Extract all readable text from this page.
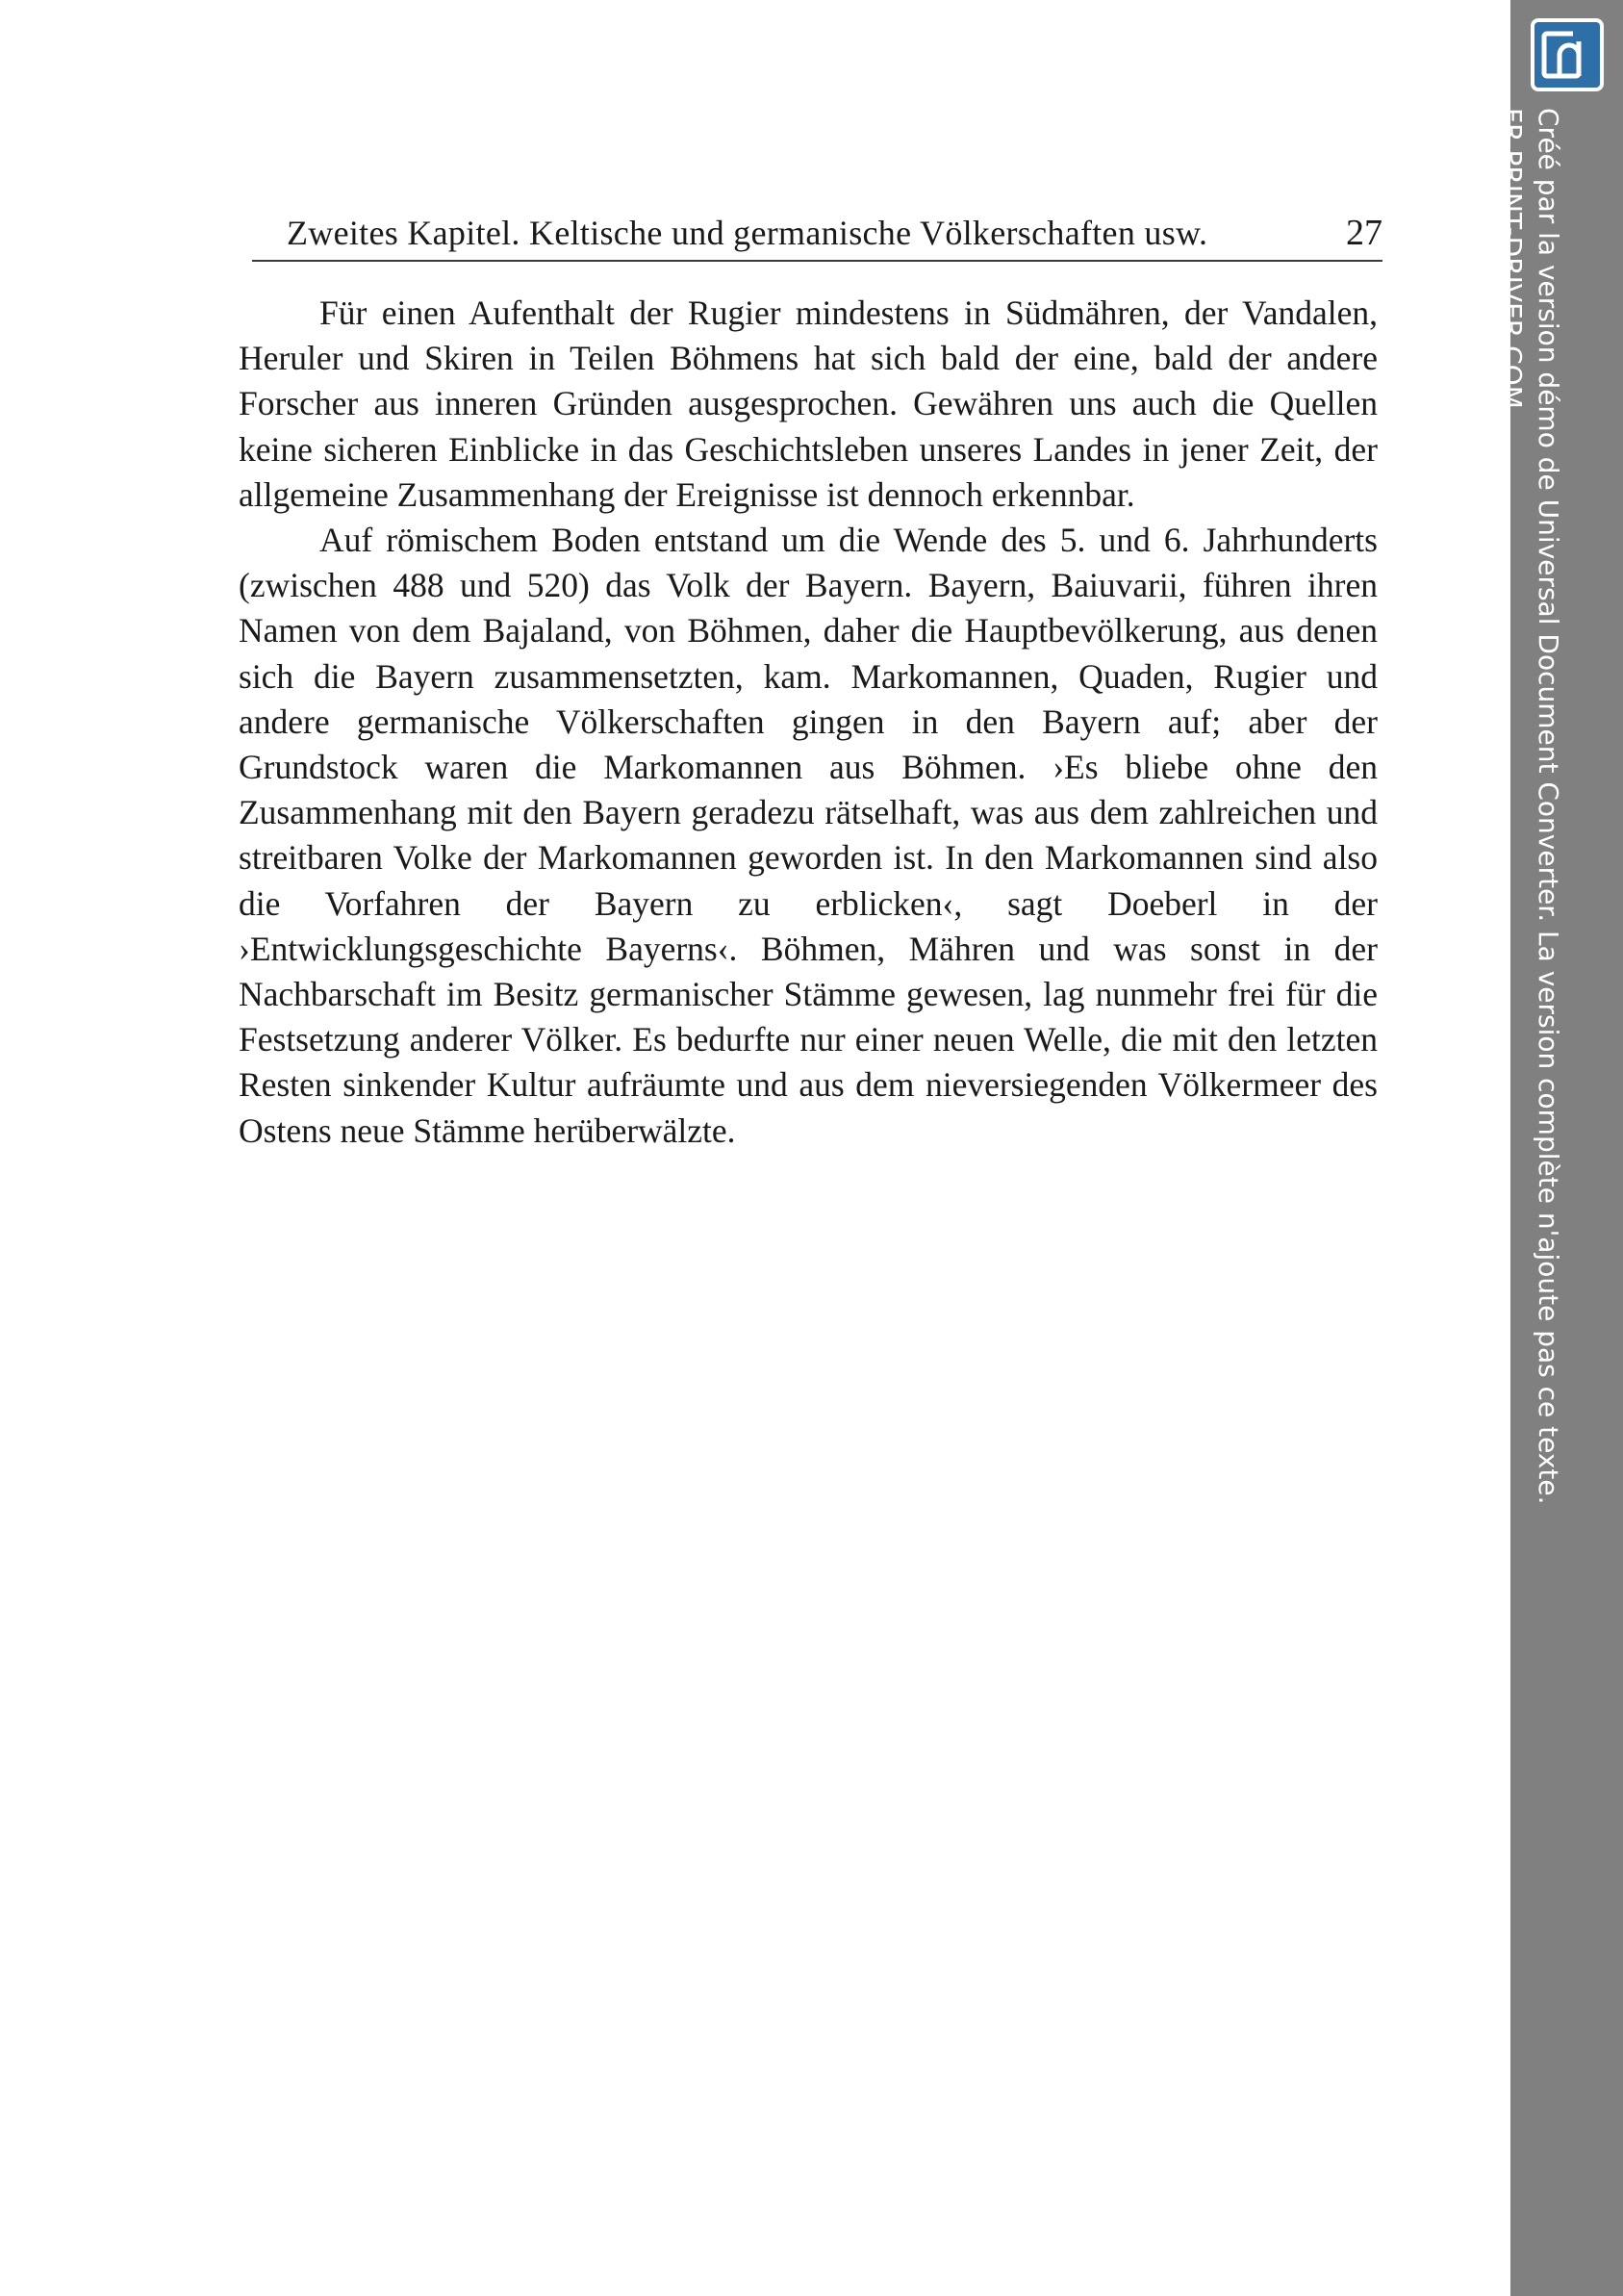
Zweites Kapitel. Keltische und germanische Völkerschaften usw.	27

Für einen Aufenthalt der Rugier mindestens in Südmähren, der Vandalen, Heruler und Skiren in Teilen Böhmens hat sich bald der eine, bald der andere Forscher aus inneren Gründen ausgesprochen. Gewähren uns auch die Quellen keine sicheren Einblicke in das Geschichtsleben unseres Landes in jener Zeit, der allgemeine Zusammenhang der Ereignisse ist dennoch erkennbar.

Auf römischem Boden entstand um die Wende des 5. und 6. Jahrhunderts (zwischen 488 und 520) das Volk der Bayern. Bayern, Baiuvarii, führen ihren Namen von dem Bajaland, von Böhmen, daher die Hauptbevölkerung, aus denen sich die Bayern zusammensetzten, kam. Markomannen, Quaden, Rugier und andere germanische Völkerschaften gingen in den Bayern auf; aber der Grundstock waren die Markomannen aus Böhmen. ›Es bliebe ohne den Zusammenhang mit den Bayern geradezu rätselhaft, was aus dem zahlreichen und streitbaren Volke der Markomannen geworden ist. In den Markomannen sind also die Vorfahren der Bayern zu erblicken‹, sagt Doeberl in der ›Entwicklungsgeschichte Bayerns‹. Böhmen, Mähren und was sonst in der Nachbarschaft im Besitz germanischer Stämme gewesen, lag nunmehr frei für die Festsetzung anderer Völker. Es bedurfte nur einer neuen Welle, die mit den letzten Resten sinkender Kultur aufräumte und aus dem nieversiegenden Völkermeer des Ostens neue Stämme herüberwälzte.	Créé par la version démo de Universal Document Converter. La version complète n'ajoute pas ce texte.
FR.PRINT-DRIVER.COM
